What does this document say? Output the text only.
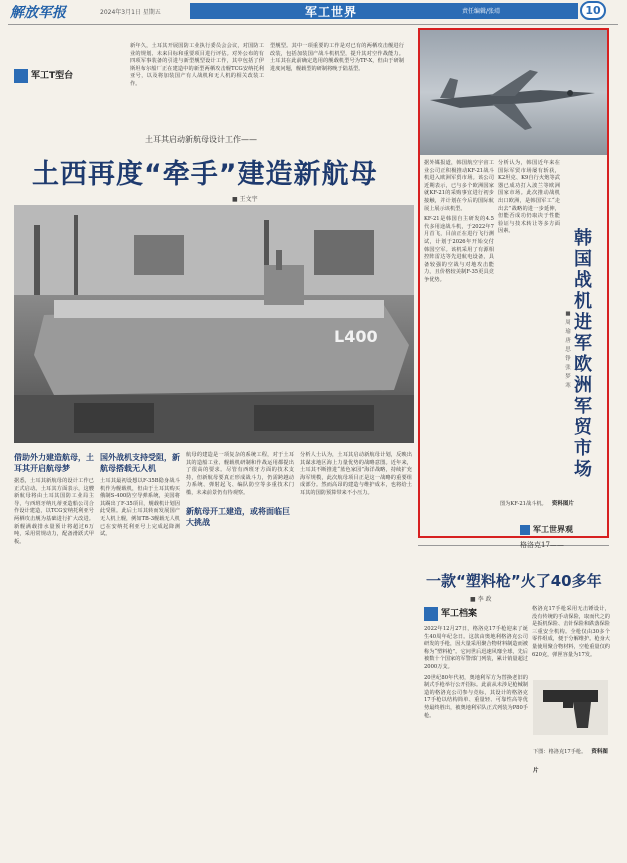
解放军报	2024年3月1日 星期五	军工世界	责任编辑/张靖	10
军工T型台
新年久，土耳其开展国防工业执行委员会会议，对国防工业的规划、未来目标和重要项目进行评估。对外公布的有四项军事装备的引进与新型舰型设计工作，其中包括了伊斯坦布尔船厂正在建造中的新型两栖攻击舰TCG安纳托利亚号，以及将加装国产有人战机和无人机的相关改装工作。
型舰型。其中一项重要的工作是对已有的两栖攻击舰进行改装，包括加装国产战斗机机型，提升其对空作战能力。土耳其在此前确定选用的舰载机型号为TF-X，但由于研制进度问题，舰载型的研制将晚于陆基型。
土耳其启动新航母设计工作——
土西再度“牵手”建造新航母
■ 王文宇
L400
借助外力建造航母，土耳其开启航母梦
据悉，土耳其新航母的设计工作已正式启动。土耳其方面表示，这艘新航母将由土耳其国防工业局主导，与西班牙纳凡蒂亚造船公司合作设计建造，以TCG安纳托利亚号两栖攻击舰为基础进行扩大改进。新舰满载排水量预计将超过6万吨，采用常规动力，配备滑跃式甲板。
国外战机支持受阻，新航母搭载无人机
土耳其最初设想以F-35B隐身战斗机作为舰载机，但由于土耳其购买俄制S-400防空导弹系统，美国将其踢出了F-35项目，舰载机计划因此受阻。此后土耳其转而发展国产无人机上舰，例如TB-3舰载无人机已在安纳托利亚号上完成起降测试。
航母的建造是一项复杂的系统工程，对于土耳其的造船工业、舰载机研制和作战运用都提出了很高的要求。尽管有西班牙方面的技术支持，但新航母要真正形成战斗力，仍需跨越动力系统、弹射起飞、编队防空等多重技术门槛，未来前景仍有待观察。
新航母开工建造，或将面临巨大挑战
分析人士认为，土耳其启动新航母计划，反映出其谋求地区海上力量优势的战略意图。近年来，土耳其不断推进“蓝色家园”海洋战略，持续扩充海军规模，此次航母项目正是这一战略的重要组成部分。然而高昂的建造与维护成本，也将给土耳其的国防预算带来不小压力。
据外媒报道，韩国航空宇宙工业公司正积极推动KF-21战斗机进入欧洲军贸市场。该公司近期表示，已与多个欧洲国家就KF-21的采购事宜进行初步接触，并计划在今后的国际航展上展示该机型。
KF-21是韩国自主研发的4.5代多用途战斗机，于2022年7月首飞，目前正在进行飞行测试，计划于2026年开始交付韩国空军。该机采用了有源相控阵雷达等先进航电设备，具备较强的空战与对地攻击能力，且价格较美制F-35更具竞争优势。
分析认为，韩国近年来在国际军贸市场屡有斩获，K2坦克、K9自行火炮等武器已成功打入波兰等欧洲国家市场。此次推动战机出口欧洲，是韩国军工“走出去”战略的进一步延伸，但能否成功仍取决于性能验证与技术转让等多方面因素。	韩国战机进军欧洲军贸市场
■ 周 瑜 唐思铮 张梦寒
图为KF-21战斗机。 资料图片
军工世界观
格洛克17——
一款“塑料枪”火了40多年
■ 李 政
军工档案
2022年12月27日，格洛克17手枪迎来了诞生40周年纪念日。这款由奥地利格洛克公司研发的手枪，因大量采用聚合物材料制造而被称为“塑料枪”。它问世后迅速风靡全球，先后被数十个国家的军警部门列装，累计销量超过2000万支。
20世纪80年代初，奥地利军方为替换老旧的制式手枪举行公开招标。此前从未涉足枪械制造的格洛克公司参与竞标，其设计的格洛克17手枪以结构简单、重量轻、可靠性高等优势最终胜出，被奥地利军队正式列装为P80手枪。
格洛克17手枪采用无击锤设计，没有传统的手动保险，取而代之的是扳机保险、击针保险和跌落保险三重安全机构。全枪仅由30多个零件组成，便于分解维护。枪身大量使用聚合物材料，空枪重量仅约620克，弹匣容量为17发。
下图：格洛克17手枪。 资料图片
